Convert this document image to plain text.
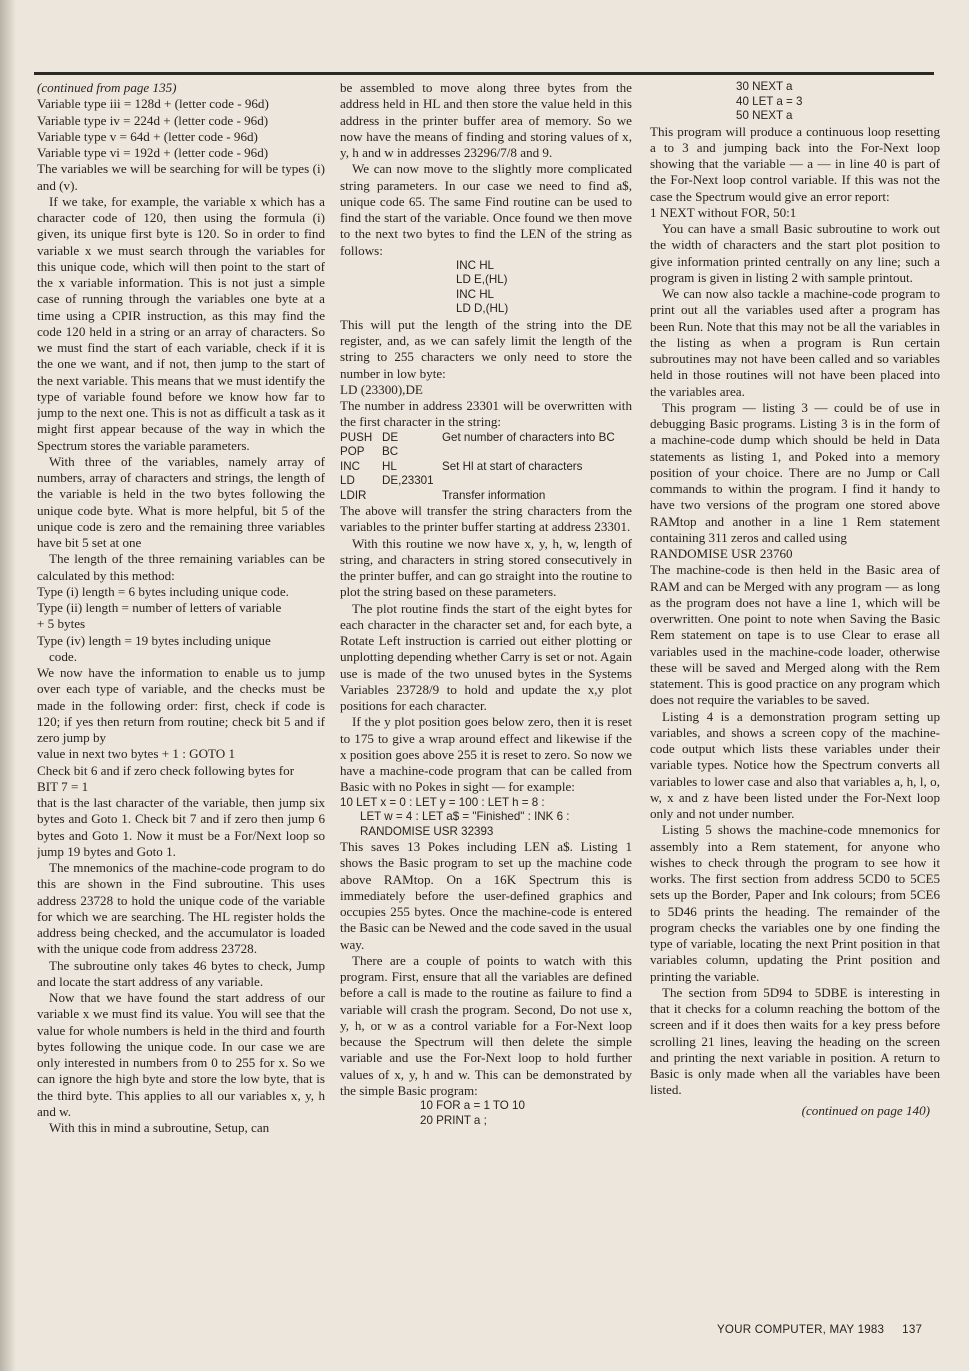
(continued from page 135)

Variable type iii = 128d + (letter code - 96d)

Variable type iv = 224d + (letter code - 96d)

Variable type v = 64d + (letter code - 96d)

Variable type vi = 192d + (letter code - 96d)

The variables we will be searching for will be types (i) and (v).

If we take, for example, the variable x which has a character code of 120, then using the formula (i) given, its unique first byte is 120. So in order to find variable x we must search through the variables for this unique code, which will then point to the start of the x variable information. This is not just a simple case of running through the variables one byte at a time using a CPIR instruction, as this may find the code 120 held in a string or an array of characters. So we must find the start of each variable, check if it is the one we want, and if not, then jump to the start of the next variable. This means that we must identify the type of variable found before we know how far to jump to the next one. This is not as difficult a task as it might first appear because of the way in which the Spectrum stores the variable parameters.

With three of the variables, namely array of numbers, array of characters and strings, the length of the variable is held in the two bytes following the unique code byte. What is more helpful, bit 5 of the unique code is zero and the remaining three variables have bit 5 set at one

The length of the three remaining variables can be calculated by this method:

Type (i) length = 6 bytes including unique code.

Type (ii) length = number of letters of variable

+ 5 bytes

Type (iv) length = 19 bytes including unique

code.

We now have the information to enable us to jump over each type of variable, and the checks must be made in the following order: first, check if code is 120; if yes then return from routine; check bit 5 and if zero jump by

value in next two bytes + 1 : GOTO 1

Check bit 6 and if zero check following bytes for

BIT 7 = 1

that is the last character of the variable, then jump six bytes and Goto 1. Check bit 7 and if zero then jump 6 bytes and Goto 1. Now it must be a For/Next loop so jump 19 bytes and Goto 1.

The mnemonics of the machine-code program to do this are shown in the Find subroutine. This uses address 23728 to hold the unique code of the variable for which we are searching. The HL register holds the address being checked, and the accumulator is loaded with the unique code from address 23728.

The subroutine only takes 46 bytes to check, Jump and locate the start address of any variable.

Now that we have found the start address of our variable x we must find its value. You will see that the value for whole numbers is held in the third and fourth bytes following the unique code. In our case we are only interested in numbers from 0 to 255 for x. So we can ignore the high byte and store the low byte, that is the third byte. This applies to all our variables x, y, h and w.

With this in mind a subroutine, Setup, can

be assembled to move along three bytes from the address held in HL and then store the value held in this address in the printer buffer area of memory. So we now have the means of finding and storing values of x, y, h and w in addresses 23296/7/8 and 9.

We can now move to the slightly more complicated string parameters. In our case we need to find a$, unique code 65. The same Find routine can be used to find the start of the variable. Once found we then move to the next two bytes to find the LEN of the string as follows:

INC HL
LD E,(HL)
INC HL
LD D,(HL)

This will put the length of the string into the DE register, and, as we can safely limit the length of the string to 255 characters we only need to store the number in low byte:

LD (23300),DE

The number in address 23301 will be overwritten with the first character in the string:

PUSH DE	Get number of characters into BC
POP	BC
INC	HL	Set Hl at start of characters
LD	DE,23301
LDIR	Transfer information

The above will transfer the string characters from the variables to the printer buffer starting at address 23301.

With this routine we now have x, y, h, w, length of string, and characters in string stored consecutively in the printer buffer, and can go straight into the routine to plot the string based on these parameters.

The plot routine finds the start of the eight bytes for each character in the character set and, for each byte, a Rotate Left instruction is carried out either plotting or unplotting depending whether Carry is set or not. Again use is made of the two unused bytes in the Systems Variables 23728/9 to hold and update the x,y plot positions for each character.

If the y plot position goes below zero, then it is reset to 175 to give a wrap around effect and likewise if the x position goes above 255 it is reset to zero. So now we have a machine-code program that can be called from Basic with no Pokes in sight — for example:

10 LET x = 0 : LET y = 100 : LET h = 8 :
LET w = 4 : LET a$ = "Finished" : INK 6 :
RANDOMISE USR 32393

This saves 13 Pokes including LEN a$. Listing 1 shows the Basic program to set up the machine code above RAMtop. On a 16K Spectrum this is immediately before the user-defined graphics and occupies 255 bytes. Once the machine-code is entered the Basic can be Newed and the code saved in the usual way.

There are a couple of points to watch with this program. First, ensure that all the variables are defined before a call is made to the routine as failure to find a variable will crash the program. Second, Do not use x, y, h, or w as a control variable for a For-Next loop because the Spectrum will then delete the simple variable and use the For-Next loop to hold further values of x, y, h and w. This can be demonstrated by the simple Basic program:

10 FOR a = 1 TO 10
20 PRINT a ;
30 NEXT a
40 LET a = 3
50 NEXT a

This program will produce a continuous loop resetting a to 3 and jumping back into the For-Next loop showing that the variable — a — in line 40 is part of the For-Next loop control variable. If this was not the case the Spectrum would give an error report:

1 NEXT without FOR, 50:1

You can have a small Basic subroutine to work out the width of characters and the start plot position to give information printed centrally on any line; such a program is given in listing 2 with sample printout.

We can now also tackle a machine-code program to print out all the variables used after a program has been Run. Note that this may not be all the variables in the listing as when a program is Run certain subroutines may not have been called and so variables held in those routines will not have been placed into the variables area.

This program — listing 3 — could be of use in debugging Basic programs. Listing 3 is in the form of a machine-code dump which should be held in Data statements as listing 1, and Poked into a memory position of your choice. There are no Jump or Call commands to within the program. I find it handy to have two versions of the program one stored above RAMtop and another in a line 1 Rem statement containing 311 zeros and called using

RANDOMISE USR 23760

The machine-code is then held in the Basic area of RAM and can be Merged with any program — as long as the program does not have a line 1, which will be overwritten. One point to note when Saving the Basic Rem statement on tape is to use Clear to erase all variables used in the machine-code loader, otherwise these will be saved and Merged along with the Rem statement. This is good practice on any program which does not require the variables to be saved.

Listing 4 is a demonstration program setting up variables, and shows a screen copy of the machine-code output which lists these variables under their variable types. Notice how the Spectrum converts all variables to lower case and also that variables a, h, l, o, w, x and z have been listed under the For-Next loop only and not under number.

Listing 5 shows the machine-code mnemonics for assembly into a Rem statement, for anyone who wishes to check through the program to see how it works. The first section from address 5CD0 to 5CE5 sets up the Border, Paper and Ink colours; from 5CE6 to 5D46 prints the heading. The remainder of the program checks the variables one by one finding the type of variable, locating the next Print position in that variables column, updating the Print position and printing the variable.

The section from 5D94 to 5DBE is interesting in that it checks for a column reaching the bottom of the screen and if it does then waits for a key press before scrolling 21 lines, leaving the heading on the screen and printing the next variable in position. A return to Basic is only made when all the variables have been listed.

(continued on page 140)

YOUR COMPUTER, MAY 1983 137
